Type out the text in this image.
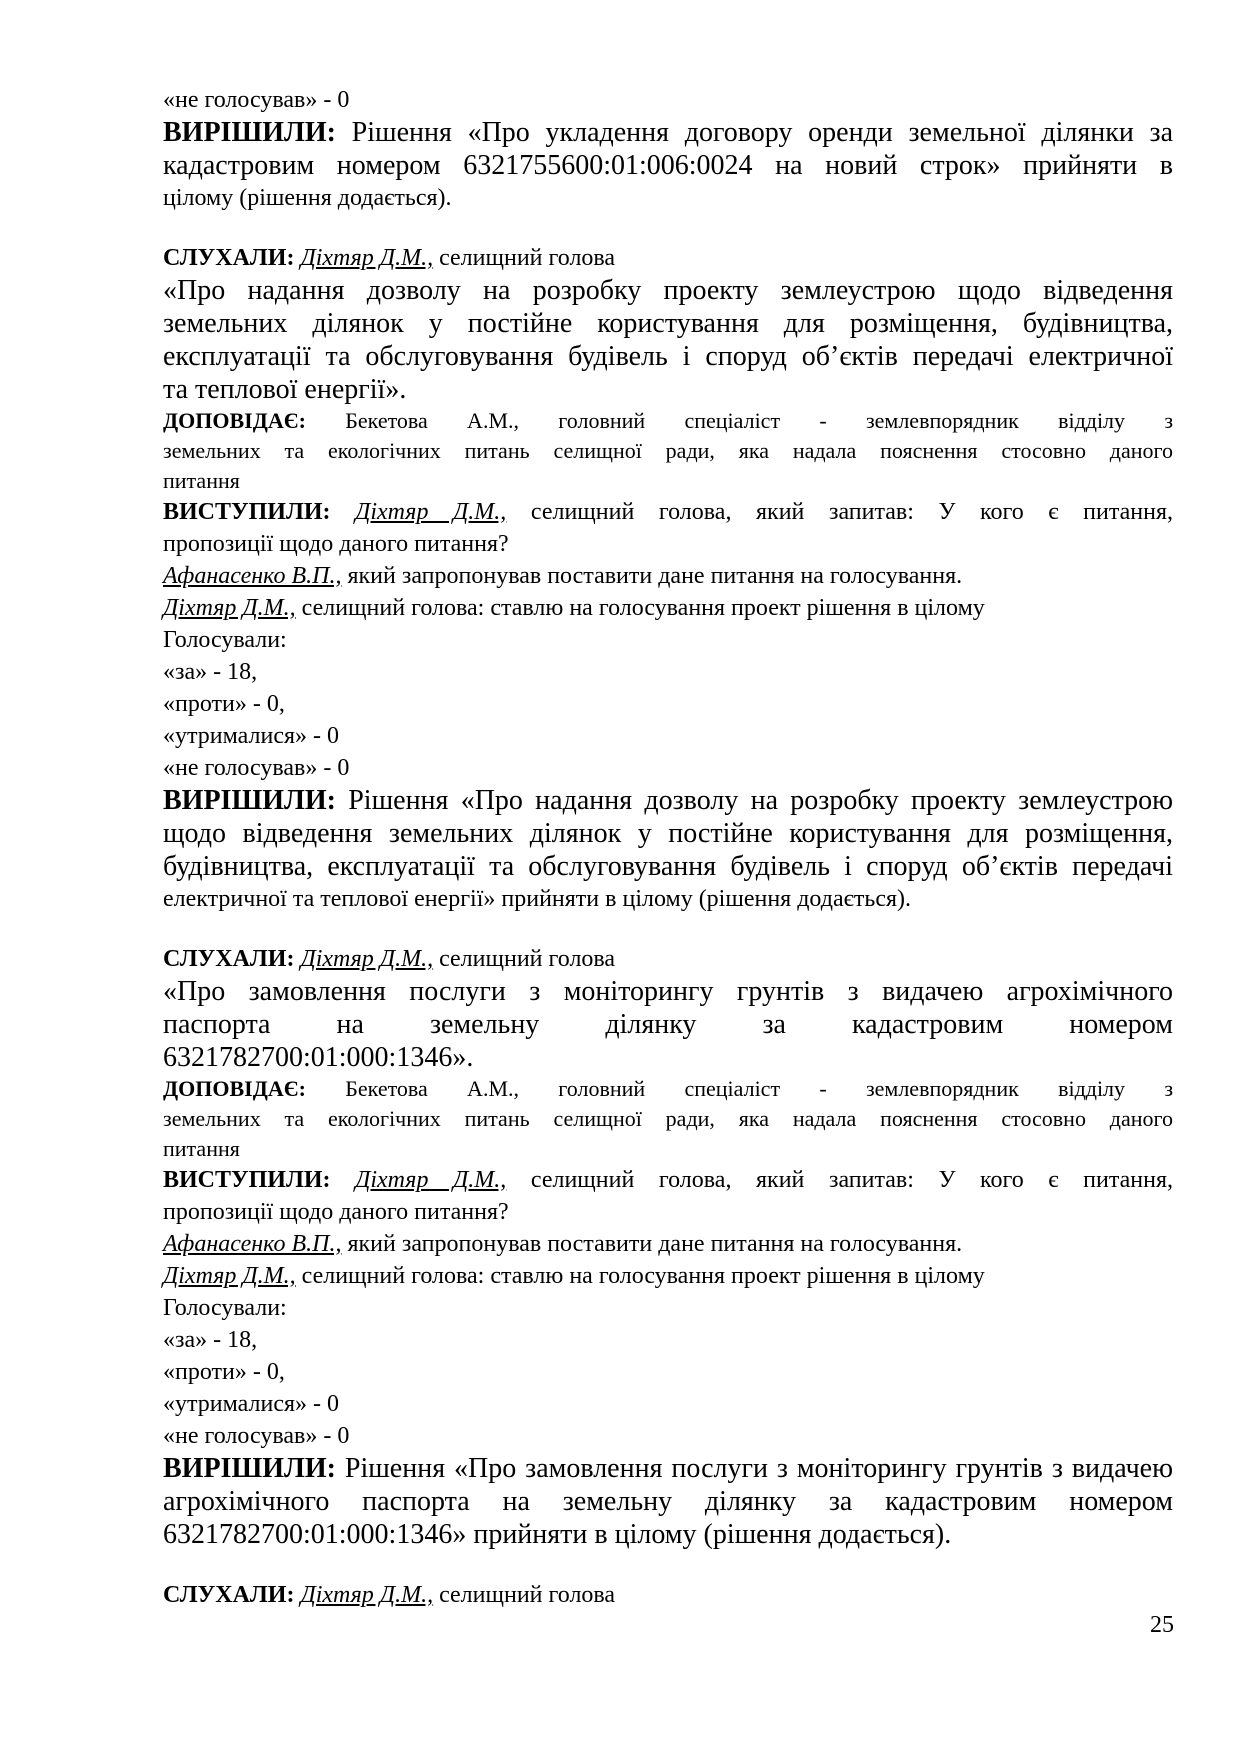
«не голосував» - 0
ВИРІШИЛИ: Рішення «Про укладення договору оренди земельної ділянки за
кадастровим номером 6321755600:01:006:0024 на новий строк» прийняти в
цілому (рішення додається).
СЛУХАЛИ: Діхтяр Д.М., селищний голова
«Про надання дозволу на розробку проекту землеустрою щодо відведення
земельних ділянок у постійне користування для розміщення, будівництва,
експлуатації та обслуговування будівель і споруд об’єктів передачі електричної
та теплової енергії».
ДОПОВІДАЄ: Бекетова А.М., головний спеціаліст - землевпорядник відділу з
земельних та екологічних питань селищної ради, яка надала пояснення стосовно даного
питання
ВИСТУПИЛИ: Діхтяр Д.М., селищний голова, який запитав: У кого є питання,
пропозиції щодо даного питання?
Афанасенко В.П., який запропонував поставити дане питання на голосування.
Діхтяр Д.М., селищний голова: ставлю на голосування проект рішення в цілому
Голосували:
«за» - 18,
«проти» - 0,
«утрималися» - 0
«не голосував» - 0
ВИРІШИЛИ: Рішення «Про надання дозволу на розробку проекту землеустрою
щодо відведення земельних ділянок у постійне користування для розміщення,
будівництва, експлуатації та обслуговування будівель і споруд об’єктів передачі
електричної та теплової енергії» прийняти в цілому (рішення додається).
СЛУХАЛИ: Діхтяр Д.М., селищний голова
«Про замовлення послуги з моніторингу грунтів з видачею агрохімічного
паспорта на земельну ділянку за кадастровим номером
6321782700:01:000:1346».
ДОПОВІДАЄ: Бекетова А.М., головний спеціаліст - землевпорядник відділу з
земельних та екологічних питань селищної ради, яка надала пояснення стосовно даного
питання
ВИСТУПИЛИ: Діхтяр Д.М., селищний голова, який запитав: У кого є питання,
пропозиції щодо даного питання?
Афанасенко В.П., який запропонував поставити дане питання на голосування.
Діхтяр Д.М., селищний голова: ставлю на голосування проект рішення в цілому
Голосували:
«за» - 18,
«проти» - 0,
«утрималися» - 0
«не голосував» - 0
ВИРІШИЛИ: Рішення «Про замовлення послуги з моніторингу грунтів з видачею
агрохімічного паспорта на земельну ділянку за кадастровим номером
6321782700:01:000:1346» прийняти в цілому (рішення додається).
СЛУХАЛИ: Діхтяр Д.М., селищний голова
25
